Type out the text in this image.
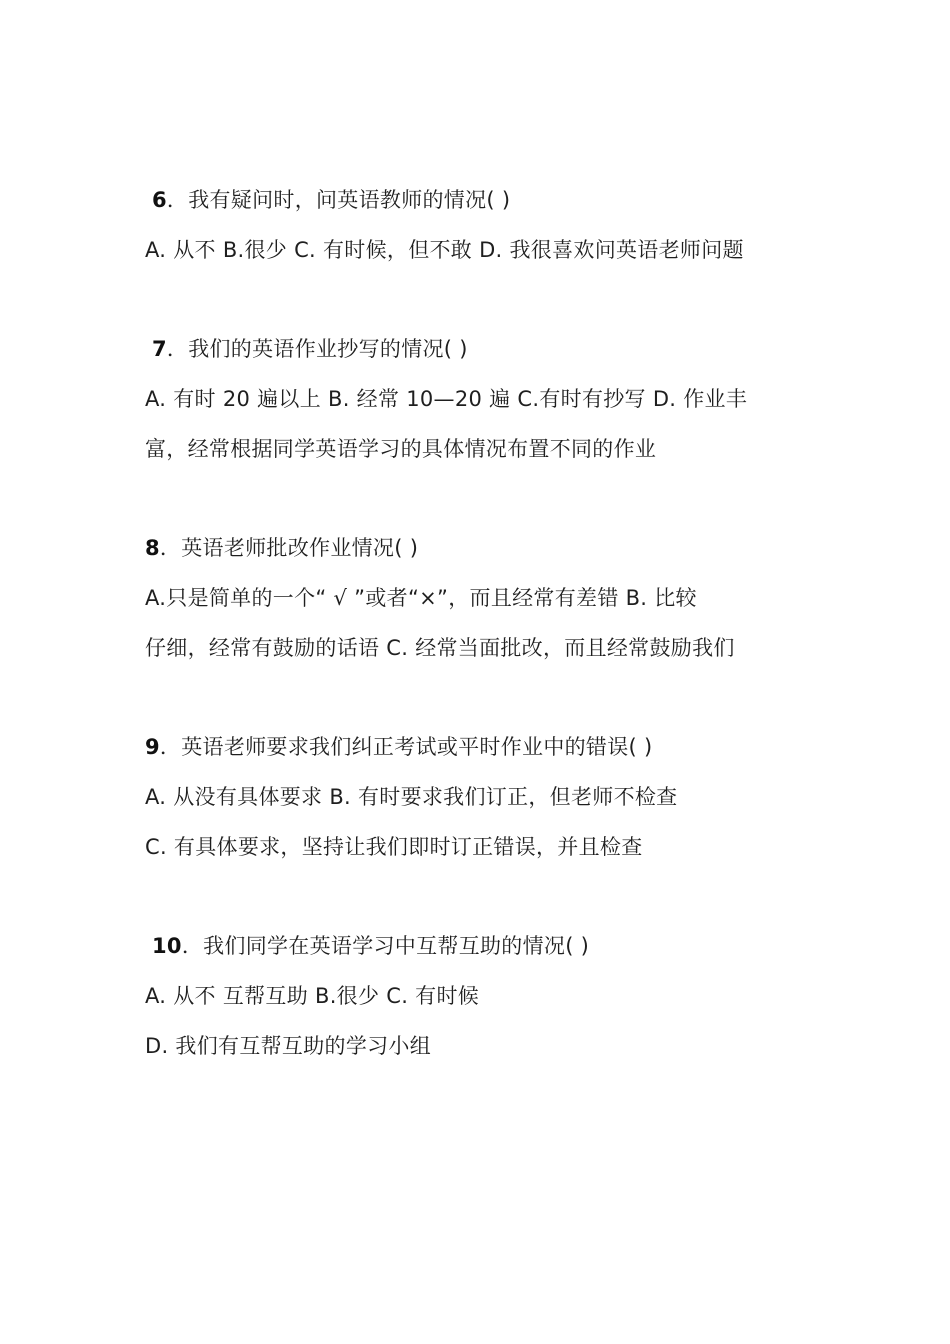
6．我有疑问时，问英语教师的情况( )
A. 从不 B.很少 C. 有时候，但不敢 D. 我很喜欢问英语老师问题
7．我们的英语作业抄写的情况( )
A. 有时 20 遍以上 B. 经常 10—20 遍 C.有时有抄写 D. 作业丰
富，经常根据同学英语学习的具体情况布置不同的作业
8．英语老师批改作业情况( )
A.只是简单的一个“ √ ”或者“×”，而且经常有差错 B. 比较
仔细，经常有鼓励的话语 C. 经常当面批改，而且经常鼓励我们
9．英语老师要求我们纠正考试或平时作业中的错误( )
A. 从没有具体要求 B. 有时要求我们订正，但老师不检查
C. 有具体要求，坚持让我们即时订正错误，并且检查
10．我们同学在英语学习中互帮互助的情况( )
A. 从不 互帮互助 B.很少 C. 有时候
D. 我们有互帮互助的学习小组
